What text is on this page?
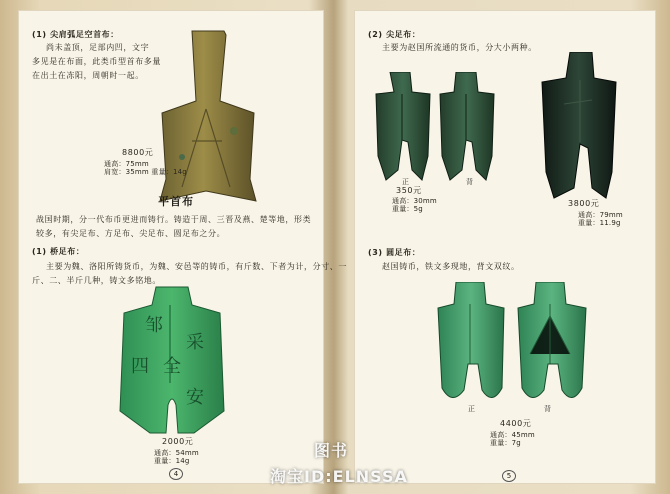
(1) 尖肩弧足空首布：
尚未盖顶，足部内凹，文字
多见是在布面，此类币型首布多量
在出土在冻阳，周朝时一起。
8800元
通高：75mm
肩宽：35mm 重量：14g
平首布
战国时期，分一代布币更进而铸行。铸造于周、三晋及燕、楚等地，形类
较多，有尖足布、方足布、尖足布、圆足布之分。
(1) 桥足布：
主要为魏、洛阳所铸货币，为魏、安邑等的铸币，有斤数、下者为计，分寸、一
斤、二、半斤几种，铸文多铭地。
邹
四 全
采
安
2000元
通高：54mm
重量：14g
4
(2) 尖足布：
主要为赵国所流通的货币，分大小两种。
正	背
350元
通高：30mm
重量：5g
3800元
通高：79mm
重量：11.9g
(3) 圆足布：
赵国铸币，铁文多现地，背文双纹。
正	背
4400元
通高：45mm
重量：7g
5
图书
淘宝ID:ELNSSA
